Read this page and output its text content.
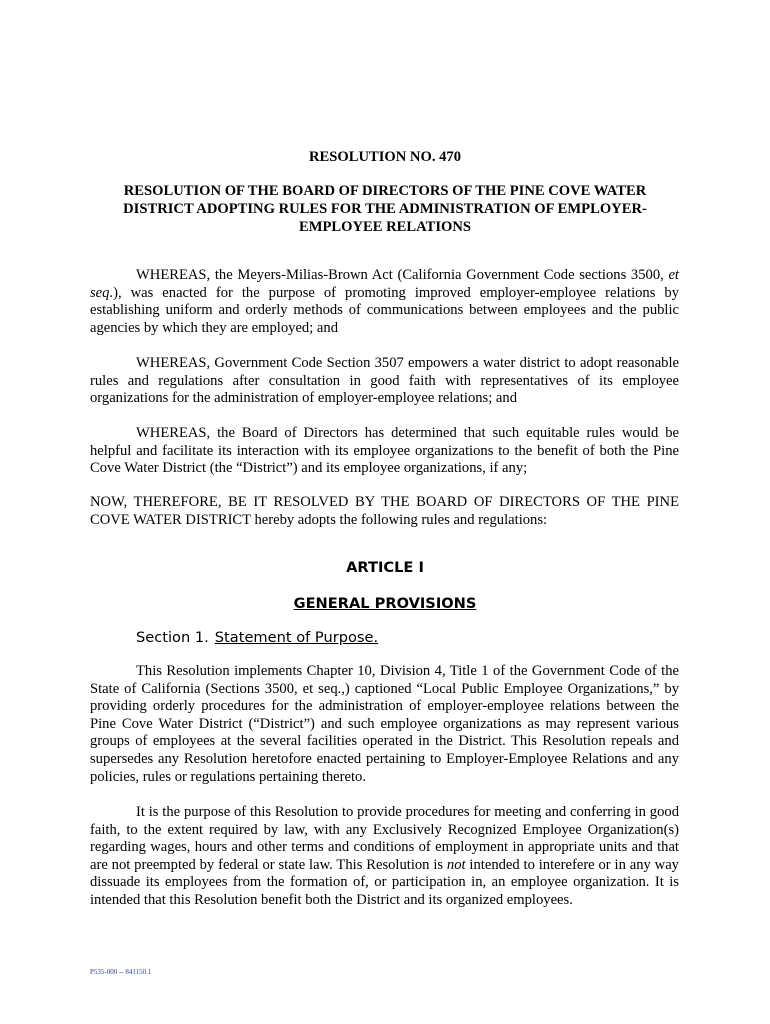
RESOLUTION NO. 470

RESOLUTION OF THE BOARD OF DIRECTORS OF THE PINE COVE WATER DISTRICT ADOPTING RULES FOR THE ADMINISTRATION OF EMPLOYER-EMPLOYEE RELATIONS

WHEREAS, the Meyers-Milias-Brown Act (California Government Code sections 3500, et seq.), was enacted for the purpose of promoting improved employer-employee relations by establishing uniform and orderly methods of communications between employees and the public agencies by which they are employed; and

WHEREAS, Government Code Section 3507 empowers a water district to adopt reasonable rules and regulations after consultation in good faith with representatives of its employee organizations for the administration of employer-employee relations; and

WHEREAS, the Board of Directors has determined that such equitable rules would be helpful and facilitate its interaction with its employee organizations to the benefit of both the Pine Cove Water District (the “District”) and its employee organizations, if any;

NOW, THEREFORE, BE IT RESOLVED BY THE BOARD OF DIRECTORS OF THE PINE COVE WATER DISTRICT hereby adopts the following rules and regulations:

ARTICLE I

GENERAL PROVISIONS

Section 1. Statement of Purpose.

This Resolution implements Chapter 10, Division 4, Title 1 of the Government Code of the State of California (Sections 3500, et seq.,) captioned “Local Public Employee Organizations,” by providing orderly procedures for the administration of employer-employee relations between the Pine Cove Water District (“District”) and such employee organizations as may represent various groups of employees at the several facilities operated in the District. This Resolution repeals and supersedes any Resolution heretofore enacted pertaining to Employer-Employee Relations and any policies, rules or regulations pertaining thereto.

It is the purpose of this Resolution to provide procedures for meeting and conferring in good faith, to the extent required by law, with any Exclusively Recognized Employee Organization(s) regarding wages, hours and other terms and conditions of employment in appropriate units and that are not preempted by federal or state law. This Resolution is not intended to interefere or in any way dissuade its employees from the formation of, or participation in, an employee organization. It is intended that this Resolution benefit both the District and its organized employees.

P535-000 -- 841150.1
